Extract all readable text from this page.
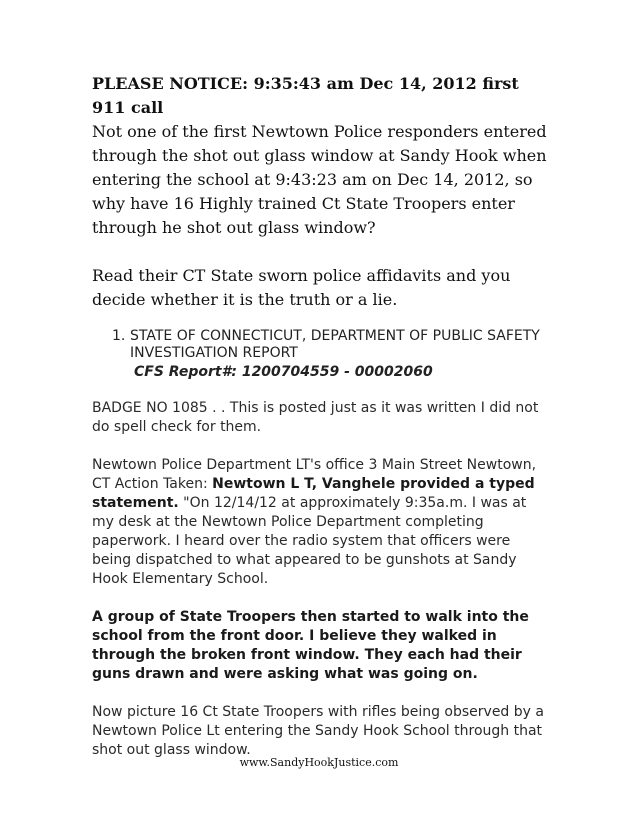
PLEASE NOTICE: 9:35:43 am Dec 14, 2012 first 911 call
Not one of the first Newtown Police responders entered through the shot out glass window at Sandy Hook when entering the school at 9:43:23 am on Dec 14, 2012, so why have 16 Highly trained Ct State Troopers enter through he shot out glass window?
Read their CT State sworn police affidavits and you decide whether it is the truth or a lie.
1. STATE OF CONNECTICUT, DEPARTMENT OF PUBLIC SAFETY INVESTIGATION REPORT
CFS Report#: 1200704559 - 00002060

BADGE NO 1085 . . This is posted just as it was written I did not do spell check for them.

Newtown Police Department LT's office 3 Main Street Newtown, CT Action Taken: Newtown L T, Vanghele provided a typed statement. "On 12/14/12 at approximately 9:35a.m. I was at my desk at the Newtown Police Department completing paperwork. I heard over the radio system that officers were being dispatched to what appeared to be gunshots at Sandy Hook Elementary School.

A group of State Troopers then started to walk into the school from the front door. I believe they walked in through the broken front window. They each had their guns drawn and were asking what was going on.

Now picture 16 Ct State Troopers with rifles being observed by a Newtown Police Lt entering the Sandy Hook School through that shot out glass window.

www.SandyHookJustice.com
